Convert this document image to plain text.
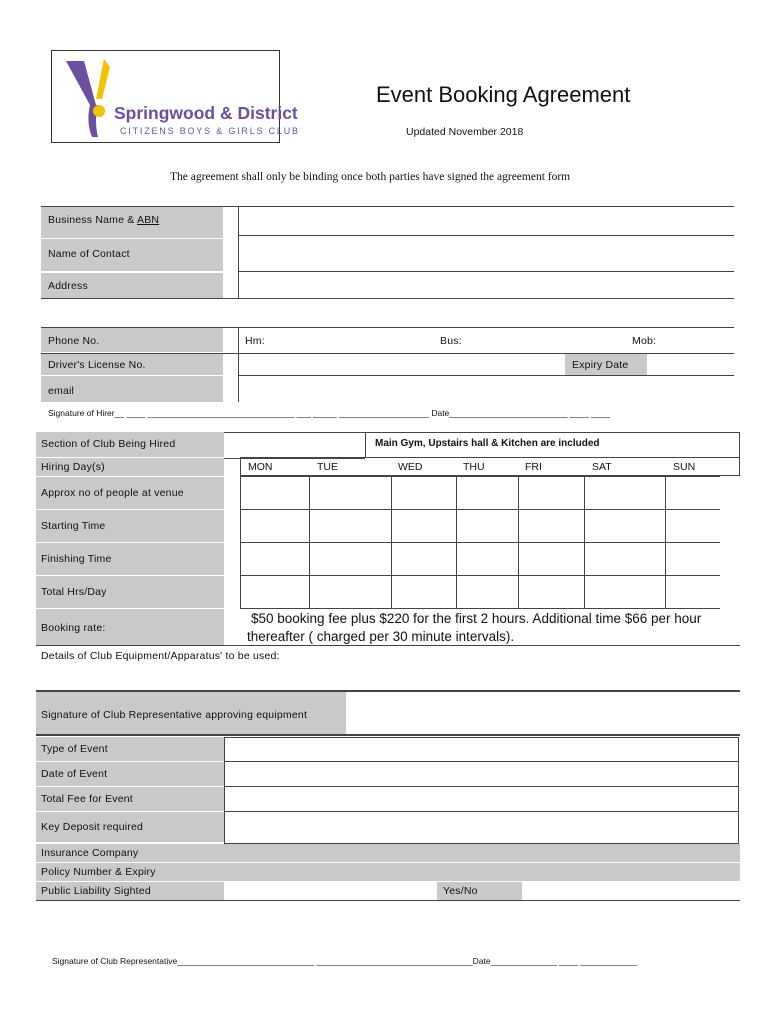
Springwood & District
CITIZENS BOYS & GIRLS CLUB
Event Booking Agreement
Updated November 2018
The agreement shall only be binding once both parties have signed the agreement form
Business Name & ABN
Name of Contact
Address
Phone No.	Hm:	Bus:	Mob:
Driver's License No.	Expiry Date
email
Signature of Hirer__ ____ _______________________________ ___ _____ ___________________ Date_________________________ ____ ____
Section of Club Being Hired	Main Gym, Upstairs hall & Kitchen are included
Hiring Day(s)	MON	TUE	WED	THU	FRI	SAT	SUN
Approx no of people at venue
Starting Time
Finishing Time
Total Hrs/Day
Booking rate:
$50 booking fee plus $220 for the first 2 hours. Additional time $66 per hour thereafter ( charged per 30 minute intervals).
Details of Club Equipment/Apparatus' to be used:
Signature of Club Representative approving equipment
Type of Event
Date of Event
Total Fee for Event
Key Deposit required
Insurance Company
Policy Number & Expiry
Public Liability Sighted	Yes/No
Signature of Club Representative_____________________________ _________________________________Date______________ ____ ____________
